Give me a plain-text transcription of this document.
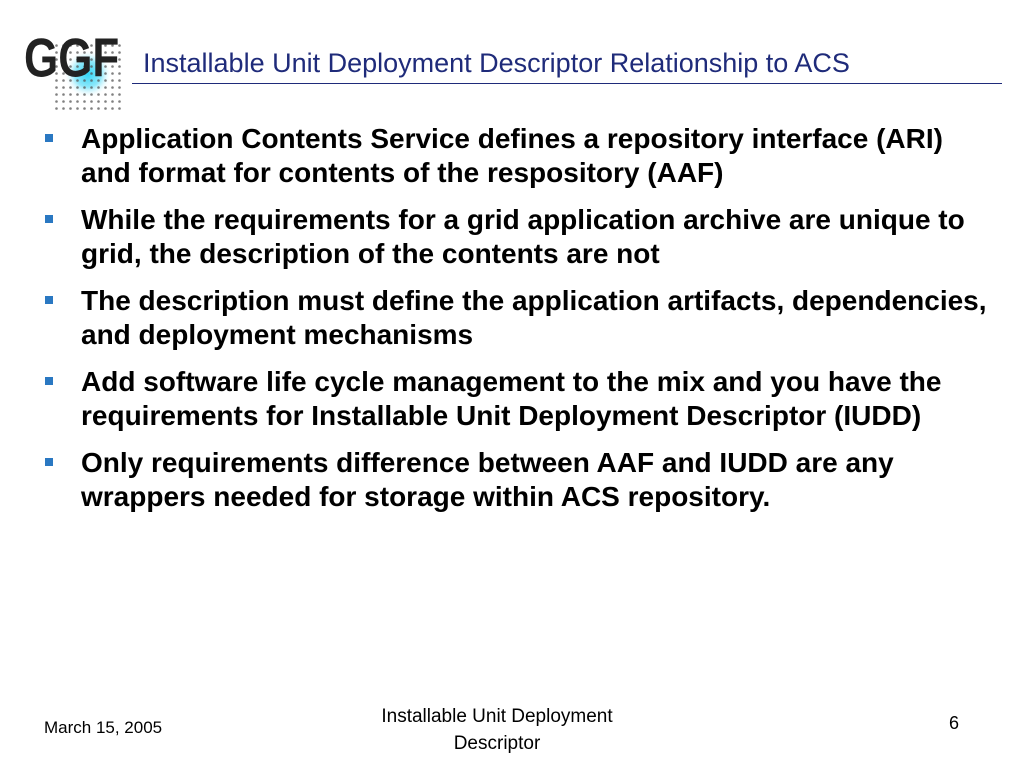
GGF Installable Unit Deployment Descriptor Relationship to ACS
Application Contents Service defines a repository interface (ARI) and format for contents of the respository (AAF)
While the requirements for a grid application archive are unique to grid, the description of the contents are not
The description must define the application artifacts, dependencies, and deployment mechanisms
Add software life cycle management to the mix and you have the requirements for Installable Unit Deployment Descriptor (IUDD)
Only requirements difference between AAF and IUDD are any wrappers needed for storage within ACS repository.
March 15, 2005
Installable Unit Deployment Descriptor
6
